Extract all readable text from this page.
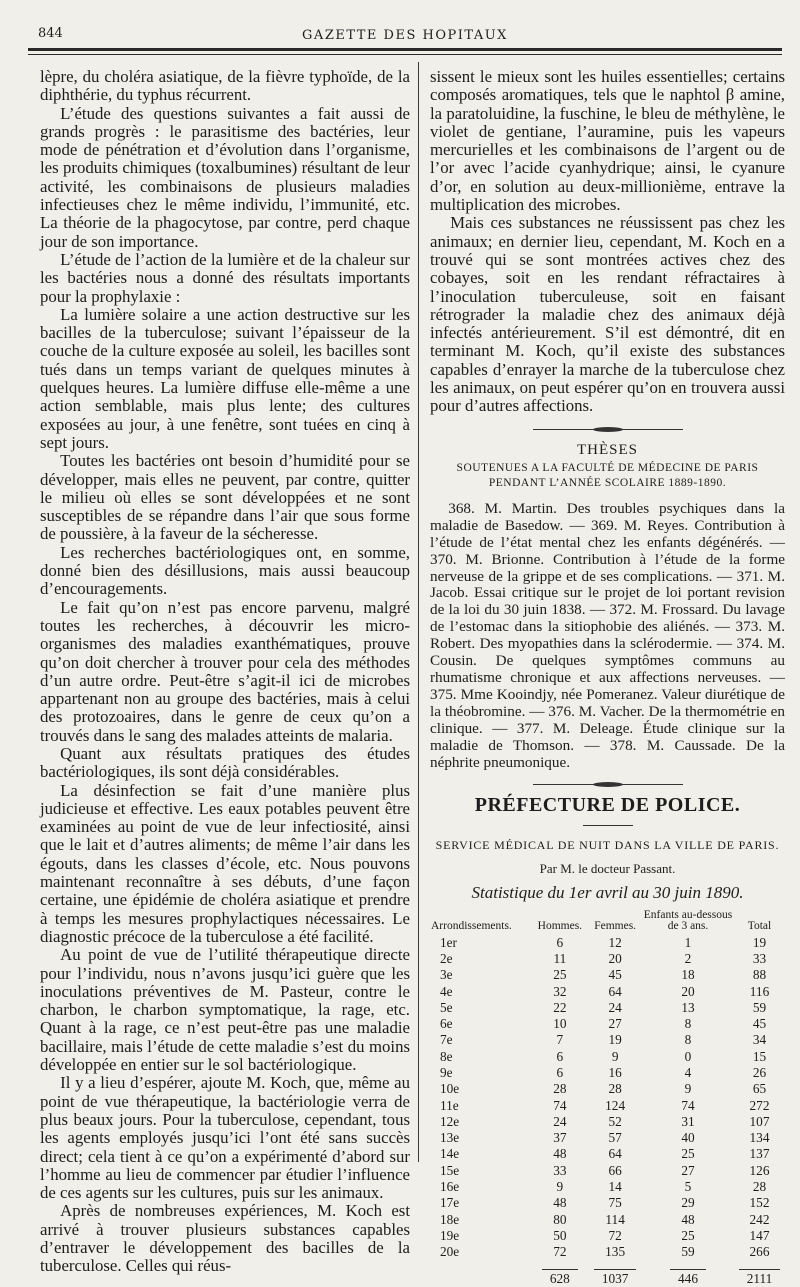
844	GAZETTE DES HOPITAUX

lèpre, du choléra asiatique, de la fièvre typhoïde, de la diphthérie, du typhus récurrent.

L’étude des questions suivantes a fait aussi de grands progrès : le parasitisme des bactéries, leur mode de pénétration et d’évolution dans l’organisme, les produits chimiques (toxalbumines) résultant de leur activité, les combinaisons de plusieurs maladies infectieuses chez le même individu, l’immunité, etc. La théorie de la phagocytose, par contre, perd chaque jour de son importance.

L’étude de l’action de la lumière et de la chaleur sur les bactéries nous a donné des résultats importants pour la prophylaxie :

La lumière solaire a une action destructive sur les bacilles de la tuberculose; suivant l’épaisseur de la couche de la culture exposée au soleil, les bacilles sont tués dans un temps variant de quelques minutes à quelques heures. La lumière diffuse elle-même a une action semblable, mais plus lente; des cultures exposées au jour, à une fenêtre, sont tuées en cinq à sept jours.

Toutes les bactéries ont besoin d’humidité pour se développer, mais elles ne peuvent, par contre, quitter le milieu où elles se sont développées et ne sont susceptibles de se répandre dans l’air que sous forme de poussière, à la faveur de la sécheresse.

Les recherches bactériologiques ont, en somme, donné bien des désillusions, mais aussi beaucoup d’encouragements.

Le fait qu’on n’est pas encore parvenu, malgré toutes les recherches, à découvrir les micro-organismes des maladies exanthématiques, prouve qu’on doit chercher à trouver pour cela des méthodes d’un autre ordre. Peut-être s’agit-il ici de microbes appartenant non au groupe des bactéries, mais à celui des protozoaires, dans le genre de ceux qu’on a trouvés dans le sang des malades atteints de malaria.

Quant aux résultats pratiques des études bactériologiques, ils sont déjà considérables.

La désinfection se fait d’une manière plus judicieuse et effective. Les eaux potables peuvent être examinées au point de vue de leur infectiosité, ainsi que le lait et d’autres aliments; de même l’air dans les égouts, dans les classes d’école, etc. Nous pouvons maintenant reconnaître à ses débuts, d’une façon certaine, une épidémie de choléra asiatique et prendre à temps les mesures prophylactiques nécessaires. Le diagnostic précoce de la tuberculose a été facilité.

Au point de vue de l’utilité thérapeutique directe pour l’individu, nous n’avons jusqu’ici guère que les inoculations préventives de M. Pasteur, contre le charbon, le charbon symptomatique, la rage, etc. Quant à la rage, ce n’est peut-être pas une maladie bacillaire, mais l’étude de cette maladie s’est du moins développée en entier sur le sol bactériologique.

Il y a lieu d’espérer, ajoute M. Koch, que, même au point de vue thérapeutique, la bactériologie verra de plus beaux jours. Pour la tuberculose, cependant, tous les agents employés jusqu’ici l’ont été sans succès direct; cela tient à ce qu’on a expérimenté d’abord sur l’homme au lieu de commencer par étudier l’influence de ces agents sur les cultures, puis sur les animaux.

Après de nombreuses expériences, M. Koch est arrivé à trouver plusieurs substances capables d’entraver le développement des bacilles de la tuberculose. Celles qui réus-

sissent le mieux sont les huiles essentielles; certains composés aromatiques, tels que le naphtol β amine, la paratoluidine, la fuschine, le bleu de méthylène, le violet de gentiane, l’auramine, puis les vapeurs mercurielles et les combinaisons de l’argent ou de l’or avec l’acide cyanhydrique; ainsi, le cyanure d’or, en solution au deux-millionième, entrave la multiplication des microbes.

Mais ces substances ne réussissent pas chez les animaux; en dernier lieu, cependant, M. Koch en a trouvé qui se sont montrées actives chez des cobayes, soit en les rendant réfractaires à l’inoculation tuberculeuse, soit en faisant rétrograder la maladie chez des animaux déjà infectés antérieurement. S’il est démontré, dit en terminant M. Koch, qu’il existe des substances capables d’enrayer la marche de la tuberculose chez les animaux, on peut espérer qu’on en trouvera aussi pour d’autres affections.

THÈSES
SOUTENUES A LA FACULTÉ DE MÉDECINE DE PARIS
PENDANT L’ANNÉE SCOLAIRE 1889-1890.

368. M. Martin. Des troubles psychiques dans la maladie de Basedow. — 369. M. Reyes. Contribution à l’étude de l’état mental chez les enfants dégénérés. — 370. M. Brionne. Contribution à l’étude de la forme nerveuse de la grippe et de ses complications. — 371. M. Jacob. Essai critique sur le projet de loi portant revision de la loi du 30 juin 1838. — 372. M. Frossard. Du lavage de l’estomac dans la sitiophobie des aliénés. — 373. M. Robert. Des myopathies dans la sclérodermie. — 374. M. Cousin. De quelques symptômes communs au rhumatisme chronique et aux affections nerveuses. — 375. Mme Kooindjy, née Pomeranez. Valeur diurétique de la théobromine. — 376. M. Vacher. De la thermométrie en clinique. — 377. M. Deleage. Étude clinique sur la maladie de Thomson. — 378. M. Caussade. De la néphrite pneumonique.

PRÉFECTURE DE POLICE.
SERVICE MÉDICAL DE NUIT DANS LA VILLE DE PARIS.
Par M. le docteur Passant.
Statistique du 1er avril au 30 juin 1890.
Arrondissements.	Hommes.	Femmes.	Enfants au-dessous de 3 ans.	Total
1er	6	12	1	19
2e	11	20	2	33
3e	25	45	18	88
4e	32	64	20	116
5e	22	24	13	59
6e	10	27	8	45
7e	7	19	8	34
8e	6	9	0	15
9e	6	16	4	26
10e	28	28	9	65
11e	74	124	74	272
12e	24	52	31	107
13e	37	57	40	134
14e	48	64	25	137
15e	33	66	27	126
16e	9	14	5	28
17e	48	75	29	152
18e	80	114	48	242
19e	50	72	25	147
20e	72	135	59	266
	628	1037	446	2111
